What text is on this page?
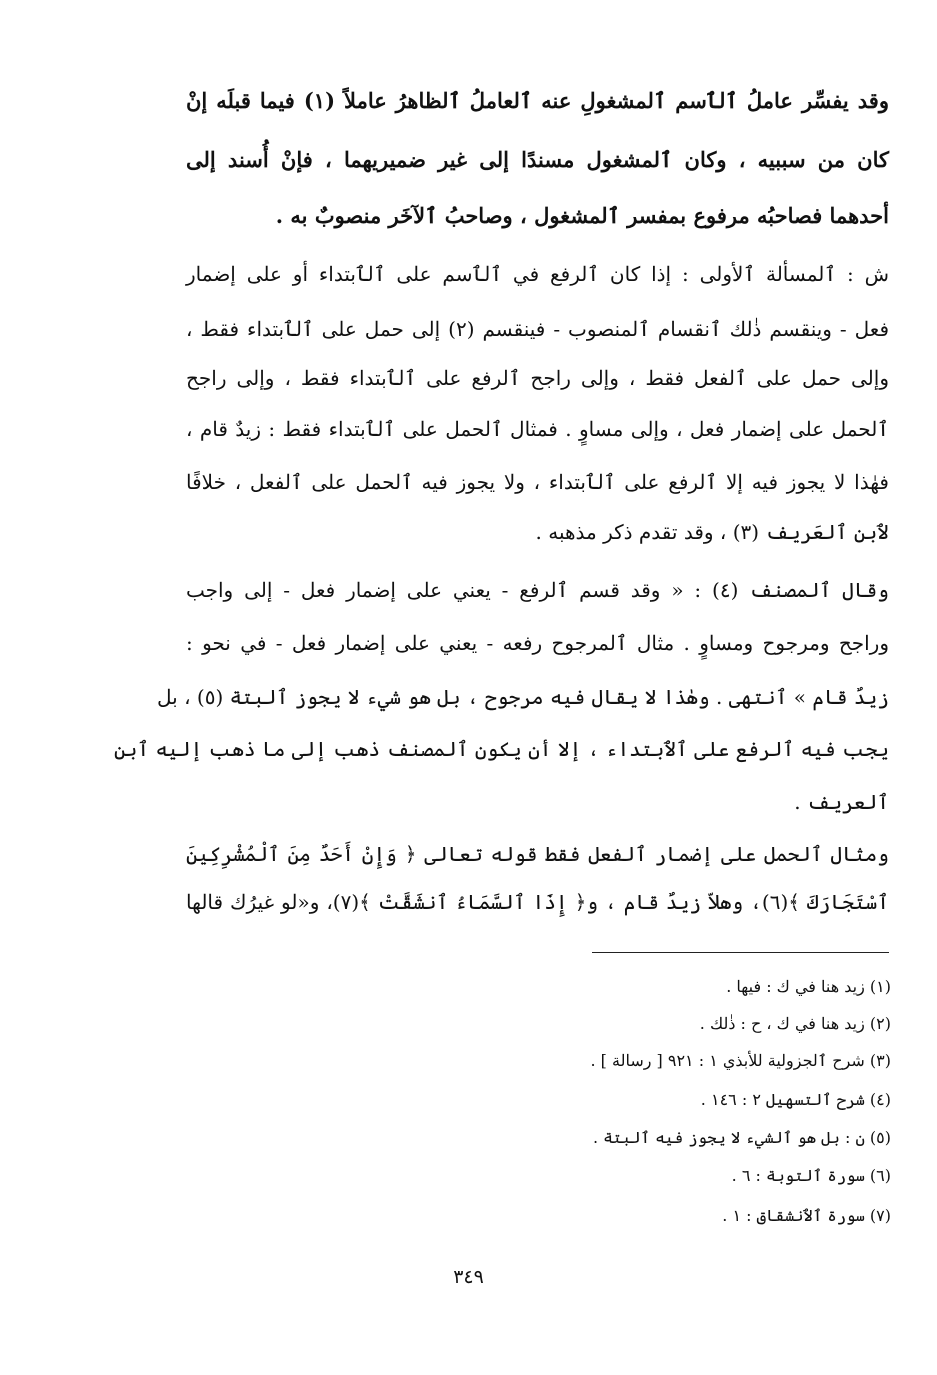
وقد يفسِّر عاملُ ٱلٱسم ٱلمشغولِ عنه ٱلعاملُ ٱلظاهرُ عاملاً (١) فيما قبلَه إنْ
كان من سببيه ، وكان ٱلمشغول مسندًا إلى غير ضميريهما ، فإنْ أُسند إلى
أحدهما فصاحبُه مرفوع بمفسر ٱلمشغول ، وصاحبُ ٱلآخَر منصوبٌ به .
ش : ٱلمسألة ٱلأولى : إذا كان ٱلرفع في ٱلٱسم على ٱلٱبتداء أو على إضمار
فعل - وينقسم ذٰلك ٱنقسام ٱلمنصوب - فينقسم (٢) إلى حمل على ٱلٱبتداء فقط ،
وإلى حمل على ٱلفعل فقط ، وإلى راجح ٱلرفع على ٱلٱبتداء فقط ، وإلى راجح
ٱلحمل على إضمار فعل ، وإلى مساوٍ . فمثال ٱلحمل على ٱلٱبتداء فقط : زيدٌ قام ،
فهٰذا لا يجوز فيه إلا ٱلرفع على ٱلٱبتداء ، ولا يجوز فيه ٱلحمل على ٱلفعل ، خلافًا
لٱبن ٱلعَريف (٣) ، وقد تقدم ذكر مذهبه .
وقال ٱلمصنف (٤) : « وقد قسم ٱلرفع - يعني على إضمار فعل - إلى واجب
وراجح ومرجوح ومساوٍ . مثال ٱلمرجوح رفعه - يعني على إضمار فعل - في نحو :
زيدٌ قام » ٱنتهى . وهٰذا لا يقال فيه مرجوح ، بل هو شيء لا يجوز ٱلبتة (٥) ، بل
يجب فيه ٱلرفع على ٱلٱبتداء ، إلا أن يكون ٱلمصنف ذهب إلى ما ذهب إليه ٱبن
ٱلعريف .
ومثال ٱلحمل على إضمار ٱلفعل فقط قوله تعالى ﴿ وَإِنْ أَحَدٌ مِنَ ٱلْمُشْرِكِينَ
ٱسْتَجَارَكَ ﴾(٦)، وهلاّ زيدٌ قام ، و﴿ إِذَا ٱلسَّمَاءُ ٱنشَقَّتْ ﴾(٧)، و«لو غيرُك قالها
(١) زيد هنا في ك : فيها .
(٢) زيد هنا في ك ، ح : ذٰلك .
(٣) شرح ٱلجزولية للأبذي ١ : ٩٢١ [ رسالة ] .
(٤) شرح ٱلتسهيل ٢ : ١٤٦ .
(٥) ن : بل هو ٱلشيء لا يجوز فيه ٱلبتة .
(٦) سورة ٱلتوبة : ٦ .
(٧) سورة ٱلٱنشقاق : ١ .
٣٤٩
